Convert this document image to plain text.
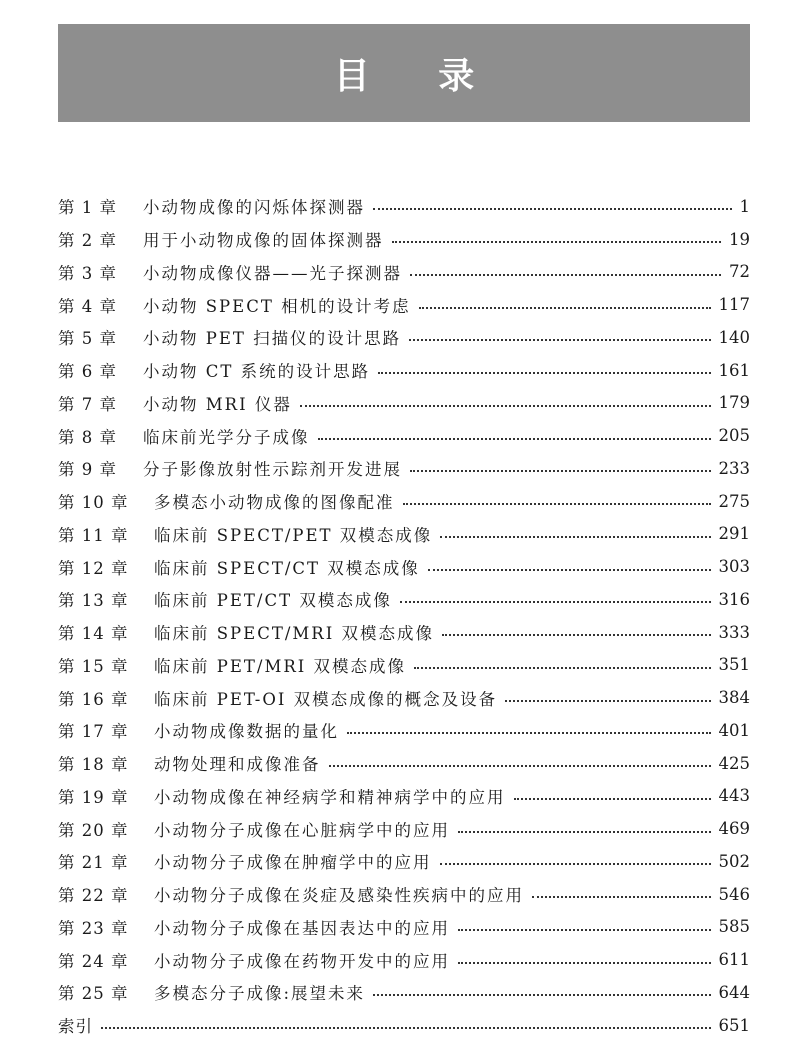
目 录
第 1 章	小动物成像的闪烁体探测器	1
第 2 章	用于小动物成像的固体探测器	19
第 3 章	小动物成像仪器——光子探测器	72
第 4 章	小动物 SPECT 相机的设计考虑	117
第 5 章	小动物 PET 扫描仪的设计思路	140
第 6 章	小动物 CT 系统的设计思路	161
第 7 章	小动物 MRI 仪器	179
第 8 章	临床前光学分子成像	205
第 9 章	分子影像放射性示踪剂开发进展	233
第 10 章	多模态小动物成像的图像配准	275
第 11 章	临床前 SPECT/PET 双模态成像	291
第 12 章	临床前 SPECT/CT 双模态成像	303
第 13 章	临床前 PET/CT 双模态成像	316
第 14 章	临床前 SPECT/MRI 双模态成像	333
第 15 章	临床前 PET/MRI 双模态成像	351
第 16 章	临床前 PET-OI 双模态成像的概念及设备	384
第 17 章	小动物成像数据的量化	401
第 18 章	动物处理和成像准备	425
第 19 章	小动物成像在神经病学和精神病学中的应用	443
第 20 章	小动物分子成像在心脏病学中的应用	469
第 21 章	小动物分子成像在肿瘤学中的应用	502
第 22 章	小动物分子成像在炎症及感染性疾病中的应用	546
第 23 章	小动物分子成像在基因表达中的应用	585
第 24 章	小动物分子成像在药物开发中的应用	611
第 25 章	多模态分子成像:展望未来	644
索引	651
